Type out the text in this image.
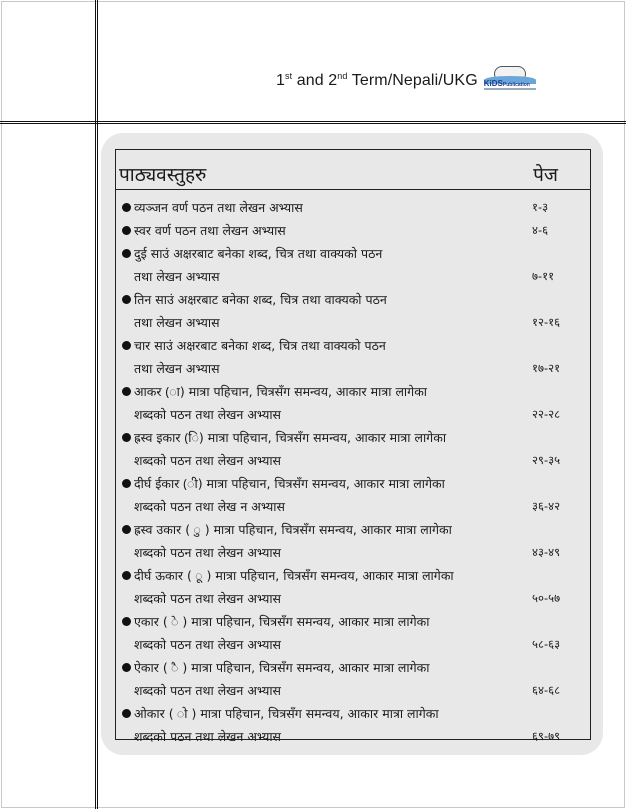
1st and 2nd Term/Nepali/UKG KiDSPublication
पाठ्यवस्तुहरु	पेज
व्यञ्जन वर्ण पठन तथा लेखन अभ्यास	१-३
स्वर वर्ण पठन तथा लेखन अभ्यास	४-६
दुई साउं अक्षरबाट बनेका शब्द, चित्र तथा वाक्यको पठन
तथा लेखन अभ्यास	७-११
तिन साउं अक्षरबाट बनेका शब्द, चित्र तथा वाक्यको पठन
तथा लेखन अभ्यास	१२-१६
चार साउं अक्षरबाट बनेका शब्द, चित्र तथा वाक्यको पठन
तथा लेखन अभ्यास	१७-२१
आकर (ा) मात्रा पहिचान, चित्रसँग समन्वय, आकार मात्रा लागेका
शब्दको पठन तथा लेखन अभ्यास	२२-२८
ह्रस्व इकार (ि) मात्रा पहिचान, चित्रसँग समन्वय, आकार मात्रा लागेका
शब्दको पठन तथा लेखन अभ्यास	२९-३५
दीर्घ ईकार (ी) मात्रा पहिचान, चित्रसँग समन्वय, आकार मात्रा लागेका
शब्दको पठन तथा लेख न अभ्यास	३६-४२
ह्रस्व उकार ( ु ) मात्रा पहिचान, चित्रसँग समन्वय, आकार मात्रा लागेका
शब्दको पठन तथा लेखन अभ्यास	४३-४९
दीर्घ ऊकार ( ू ) मात्रा पहिचान, चित्रसँग समन्वय, आकार मात्रा लागेका
शब्दको पठन तथा लेखन अभ्यास	५०-५७
एकार ( े ) मात्रा पहिचान, चित्रसँग समन्वय, आकार मात्रा लागेका
शब्दको पठन तथा लेखन अभ्यास	५८-६३
ऐकार ( ै ) मात्रा पहिचान, चित्रसँग समन्वय, आकार मात्रा लागेका
शब्दको पठन तथा लेखन अभ्यास	६४-६८
ओकार ( ो ) मात्रा पहिचान, चित्रसँग समन्वय, आकार मात्रा लागेका
शब्दको पठन तथा लेखन अभ्यास	६९-७९
